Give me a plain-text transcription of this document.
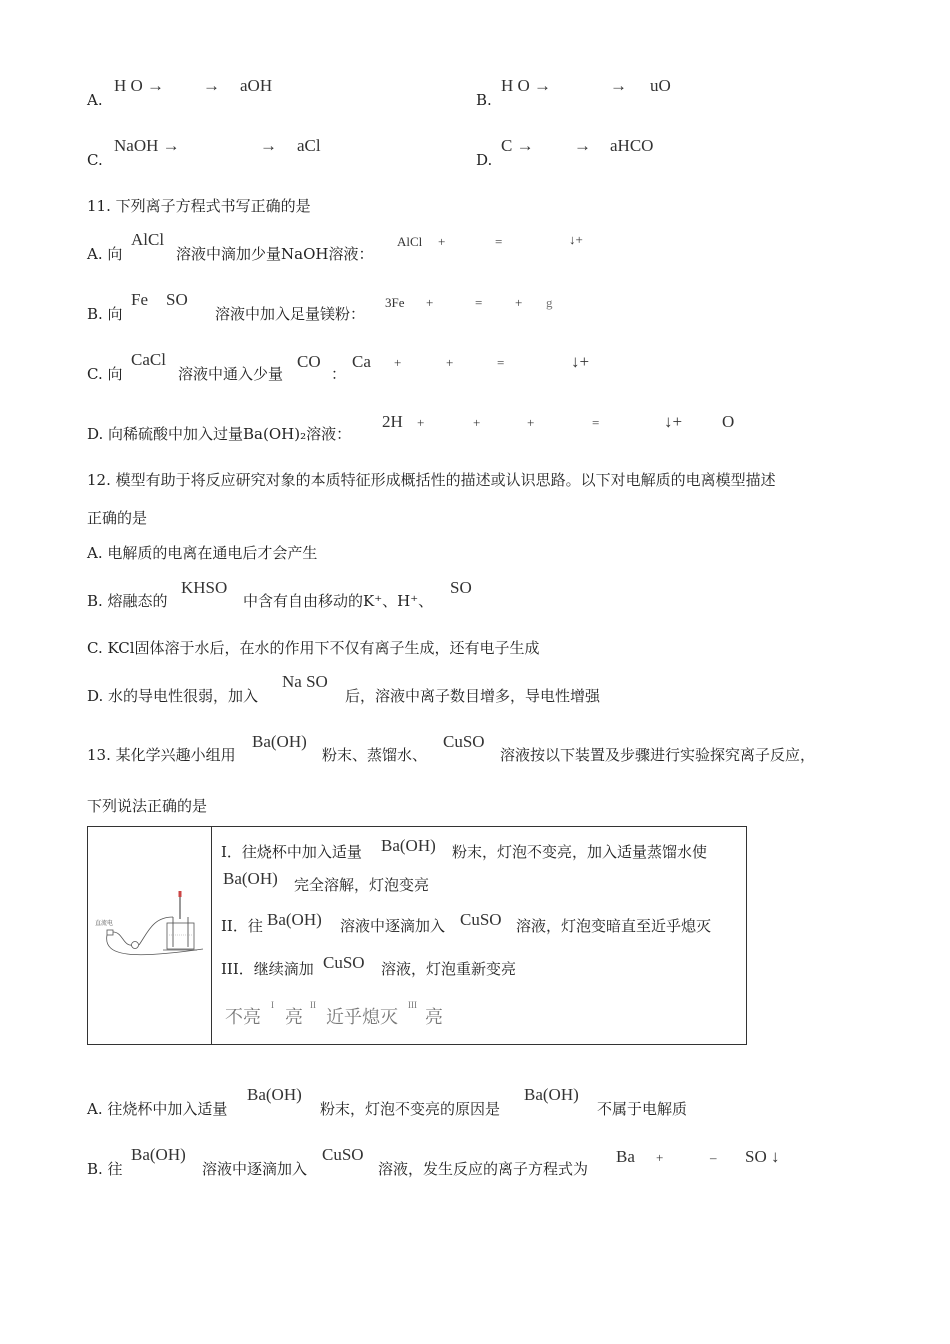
A.
H O → → aOH
B.
H O →	→ uO
C.
NaOH →	→ aCl
D.
C → → aHCO
11. 下列离子方程式书写正确的是
A. 向
AlCl
溶液中滴加少量NaOH溶液：
AlCl +	=	↓+
B. 向
Fe SO
溶液中加入足量镁粉：
3Fe +	=	+ g
C. 向
CaCl
溶液中通入少量
CO
：
Ca +	+	=	↓+
D. 向稀硫酸中加入过量Ba(OH)₂溶液：
2H +	+	+	=	↓+ O
12. 模型有助于将反应研究对象的本质特征形成概括性的描述或认识思路。以下对电解质的电离模型描述
正确的是
A. 电解质的电离在通电后才会产生
B. 熔融态的
KHSO
中含有自由移动的K⁺、H⁺、
SO
C. KCl固体溶于水后，在水的作用下不仅有离子生成，还有电子生成
D. 水的导电性很弱，加入
Na SO
后，溶液中离子数目增多，导电性增强
13. 某化学兴趣小组用
Ba(OH)
粉末、蒸馏水、
CuSO
溶液按以下装置及步骤进行实验探究离子反应，
下列说法正确的是
直流电
I．往烧杯中加入适量 Ba(OH) 粉末，灯泡不变亮，加入适量蒸馏水使
Ba(OH) 完全溶解，灯泡变亮
II．往 Ba(OH) 溶液中逐滴加入 CuSO 溶液，灯泡变暗直至近乎熄灭
III．继续滴加 CuSO 溶液，灯泡重新变亮
不亮
I
亮
II
近乎熄灭
III
亮
A. 往烧杯中加入适量
Ba(OH)
粉末，灯泡不变亮的原因是
Ba(OH)
不属于电解质
B. 往
Ba(OH)
溶液中逐滴加入
CuSO
溶液，发生反应的离子方程式为
Ba +	– SO ↓
